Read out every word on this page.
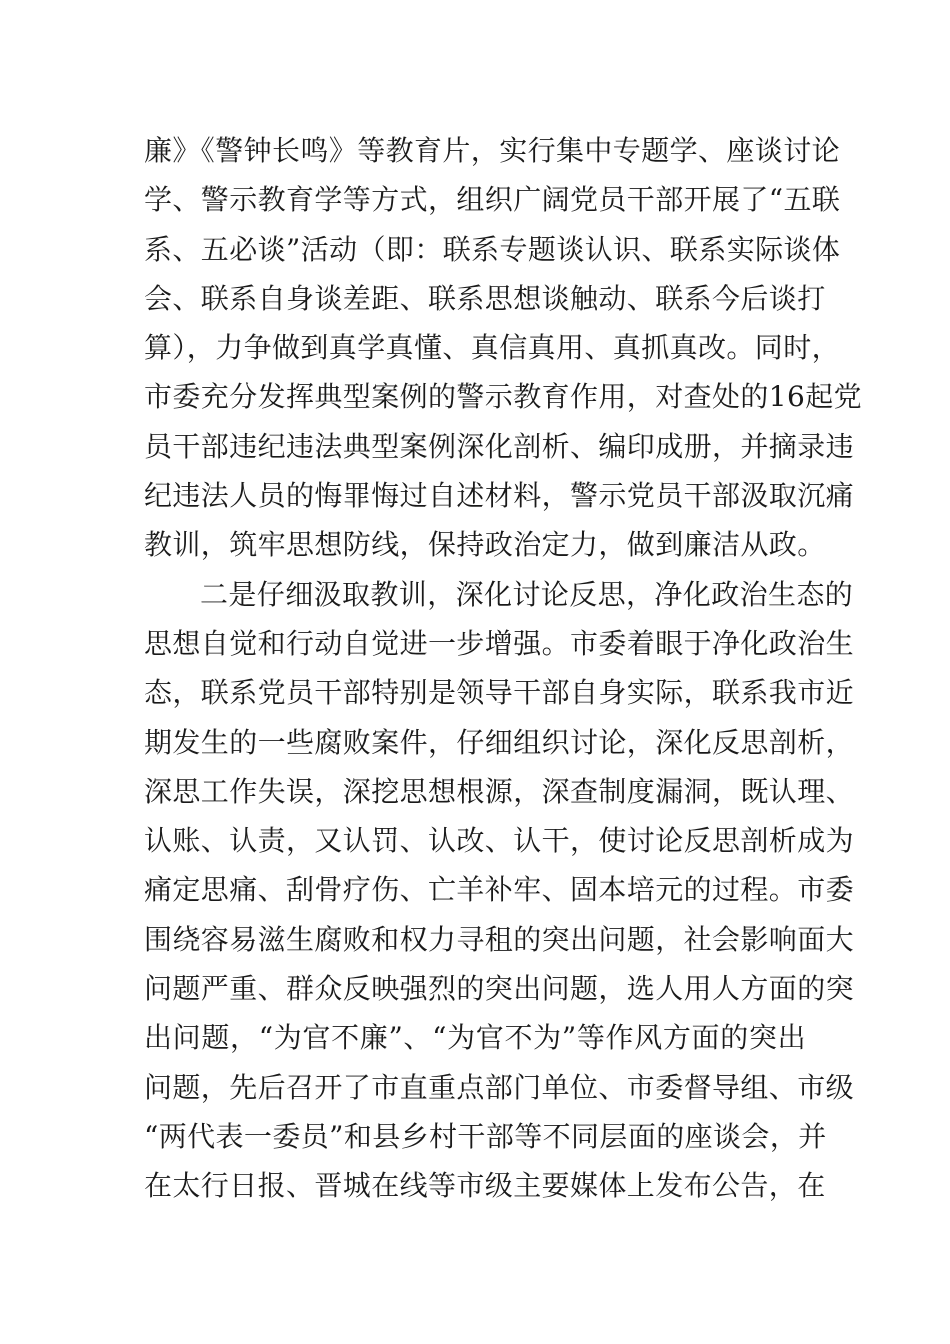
廉》《警钟长鸣》等教育片，实行集中专题学、座谈讨论
学、警示教育学等方式，组织广阔党员干部开展了“五联
系、五必谈”活动（即：联系专题谈认识、联系实际谈体
会、联系自身谈差距、联系思想谈触动、联系今后谈打
算），力争做到真学真懂、真信真用、真抓真改。同时，
市委充分发挥典型案例的警示教育作用，对查处的16起党
员干部违纪违法典型案例深化剖析、编印成册，并摘录违
纪违法人员的悔罪悔过自述材料，警示党员干部汲取沉痛
教训，筑牢思想防线，保持政治定力，做到廉洁从政。
二是仔细汲取教训，深化讨论反思，净化政治生态的
思想自觉和行动自觉进一步增强。市委着眼于净化政治生
态，联系党员干部特别是领导干部自身实际，联系我市近
期发生的一些腐败案件，仔细组织讨论，深化反思剖析，
深思工作失误，深挖思想根源，深查制度漏洞，既认理、
认账、认责，又认罚、认改、认干，使讨论反思剖析成为
痛定思痛、刮骨疗伤、亡羊补牢、固本培元的过程。市委
围绕容易滋生腐败和权力寻租的突出问题，社会影响面大
问题严重、群众反映强烈的突出问题，选人用人方面的突
出问题，“为官不廉”、“为官不为”等作风方面的突出
问题，先后召开了市直重点部门单位、市委督导组、市级
“两代表一委员”和县乡村干部等不同层面的座谈会，并
在太行日报、晋城在线等市级主要媒体上发布公告，在
